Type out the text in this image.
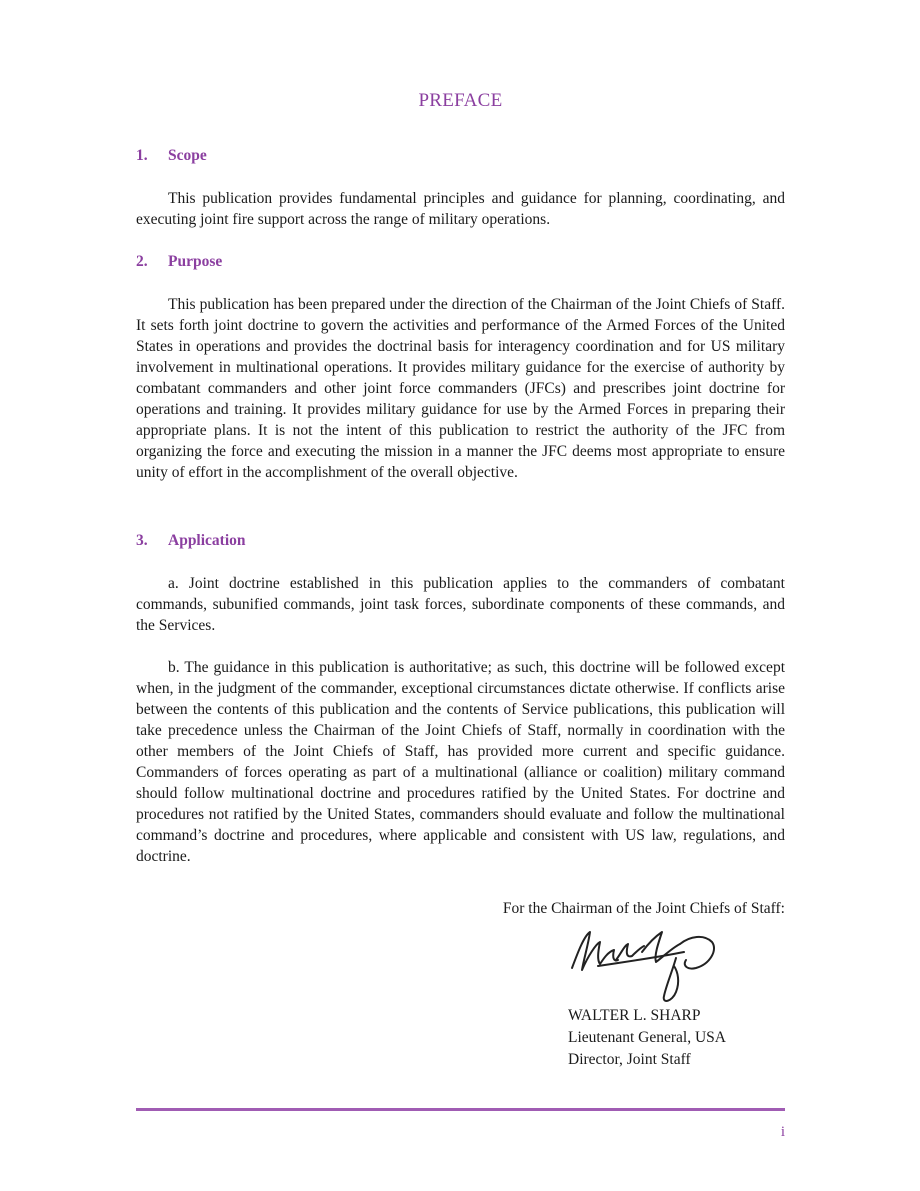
PREFACE
1.	Scope

This publication provides fundamental principles and guidance for planning, coordinating, and executing joint fire support across the range of military operations.

2.	Purpose

This publication has been prepared under the direction of the Chairman of the Joint Chiefs of Staff. It sets forth joint doctrine to govern the activities and performance of the Armed Forces of the United States in operations and provides the doctrinal basis for interagency coordination and for US military involvement in multinational operations. It provides military guidance for the exercise of authority by combatant commanders and other joint force commanders (JFCs) and prescribes joint doctrine for operations and training. It provides military guidance for use by the Armed Forces in preparing their appropriate plans. It is not the intent of this publication to restrict the authority of the JFC from organizing the force and executing the mission in a manner the JFC deems most appropriate to ensure unity of effort in the accomplishment of the overall objective.

3.	Application

a. Joint doctrine established in this publication applies to the commanders of combatant commands, subunified commands, joint task forces, subordinate components of these commands, and the Services.

b. The guidance in this publication is authoritative; as such, this doctrine will be followed except when, in the judgment of the commander, exceptional circumstances dictate otherwise. If conflicts arise between the contents of this publication and the contents of Service publications, this publication will take precedence unless the Chairman of the Joint Chiefs of Staff, normally in coordination with the other members of the Joint Chiefs of Staff, has provided more current and specific guidance. Commanders of forces operating as part of a multinational (alliance or coalition) military command should follow multinational doctrine and procedures ratified by the United States. For doctrine and procedures not ratified by the United States, commanders should evaluate and follow the multinational command’s doctrine and procedures, where applicable and consistent with US law, regulations, and doctrine.

For the Chairman of the Joint Chiefs of Staff:
WALTER L. SHARP
Lieutenant General, USA
Director, Joint Staff
i
